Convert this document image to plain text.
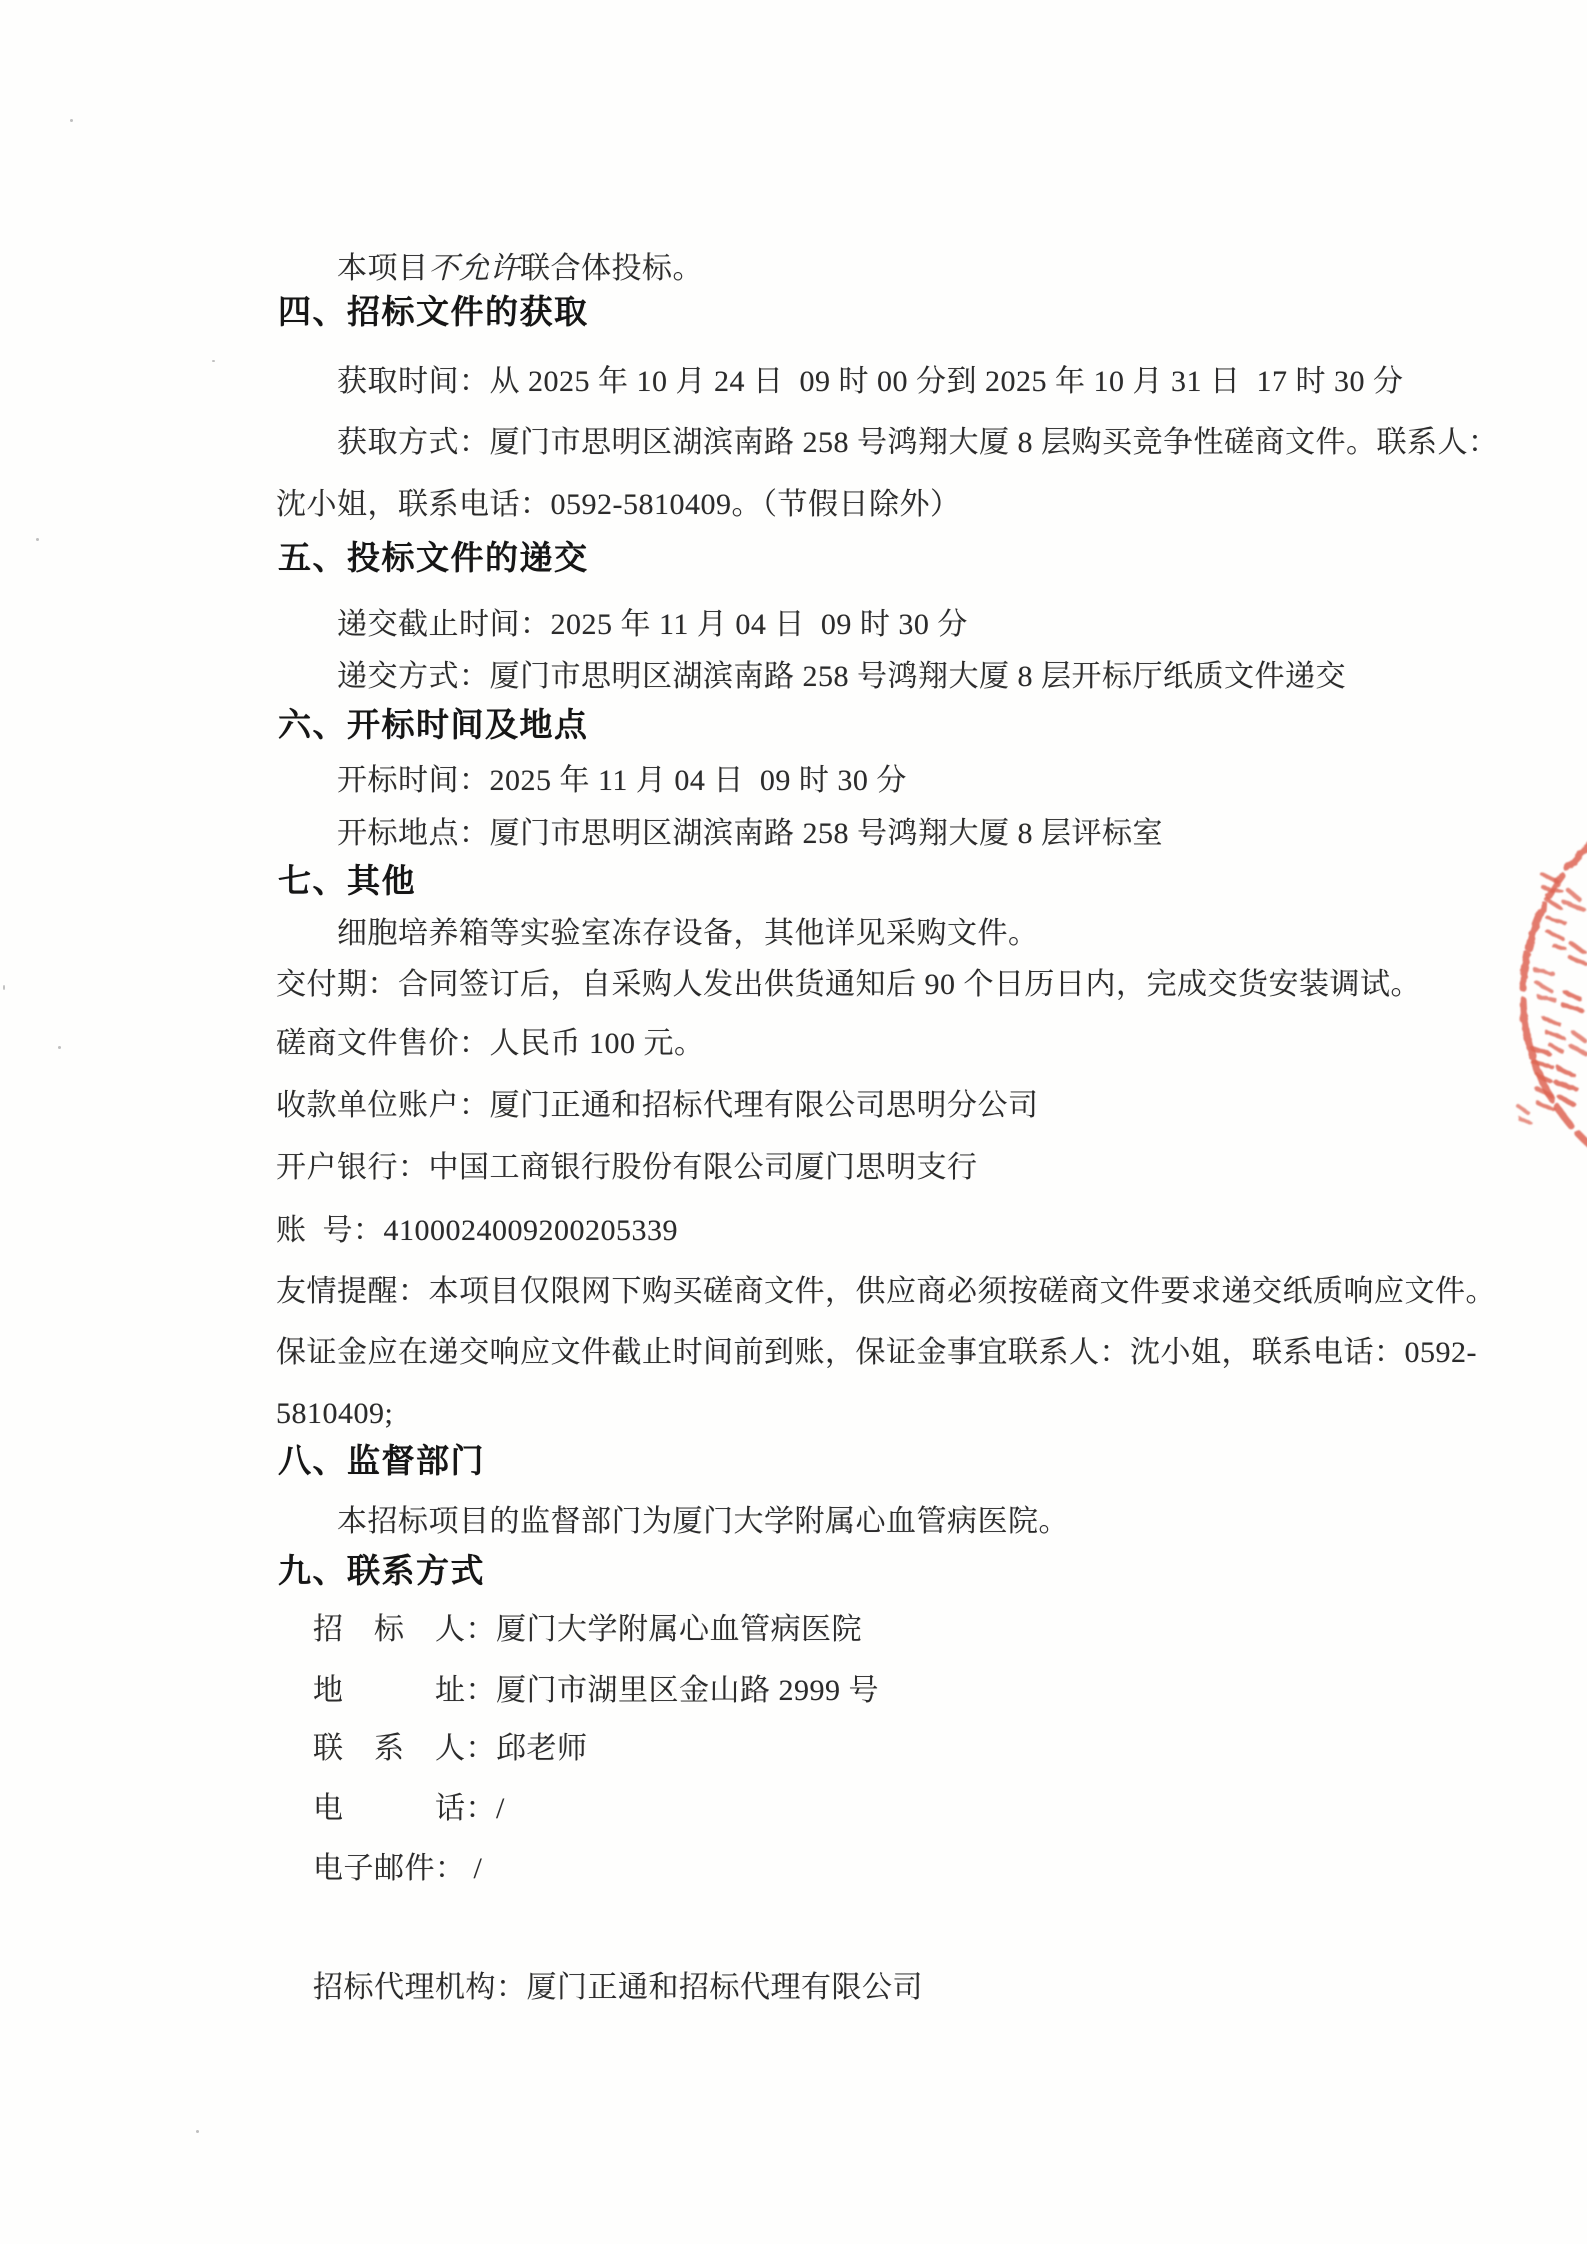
本项目不允许联合体投标。
四、招标文件的获取
获取时间：从 2025 年 10 月 24 日  09 时 00 分到 2025 年 10 月 31 日  17 时 30 分
获取方式：厦门市思明区湖滨南路 258 号鸿翔大厦 8 层购买竞争性磋商文件。联系人：
沈小姐，联系电话：0592-5810409。（节假日除外）
五、投标文件的递交
递交截止时间：2025 年 11 月 04 日  09 时 30 分
递交方式：厦门市思明区湖滨南路 258 号鸿翔大厦 8 层开标厅纸质文件递交
六、开标时间及地点
开标时间：2025 年 11 月 04 日  09 时 30 分
开标地点：厦门市思明区湖滨南路 258 号鸿翔大厦 8 层评标室
七、其他
细胞培养箱等实验室冻存设备，其他详见采购文件。
交付期：合同签订后，自采购人发出供货通知后 90 个日历日内，完成交货安装调试。
磋商文件售价：人民币 100 元。
收款单位账户：厦门正通和招标代理有限公司思明分公司
开户银行：中国工商银行股份有限公司厦门思明支行
账  号：4100024009200205339
友情提醒：本项目仅限网下购买磋商文件，供应商必须按磋商文件要求递交纸质响应文件。
保证金应在递交响应文件截止时间前到账，保证金事宜联系人：沈小姐，联系电话：0592-
5810409;
八、监督部门
本招标项目的监督部门为厦门大学附属心血管病医院。
九、联系方式
招　标　人：厦门大学附属心血管病医院
地　　　址：厦门市湖里区金山路 2999 号
联　系　人：邱老师
电　　　话：/
电子邮件： /
招标代理机构：厦门正通和招标代理有限公司
